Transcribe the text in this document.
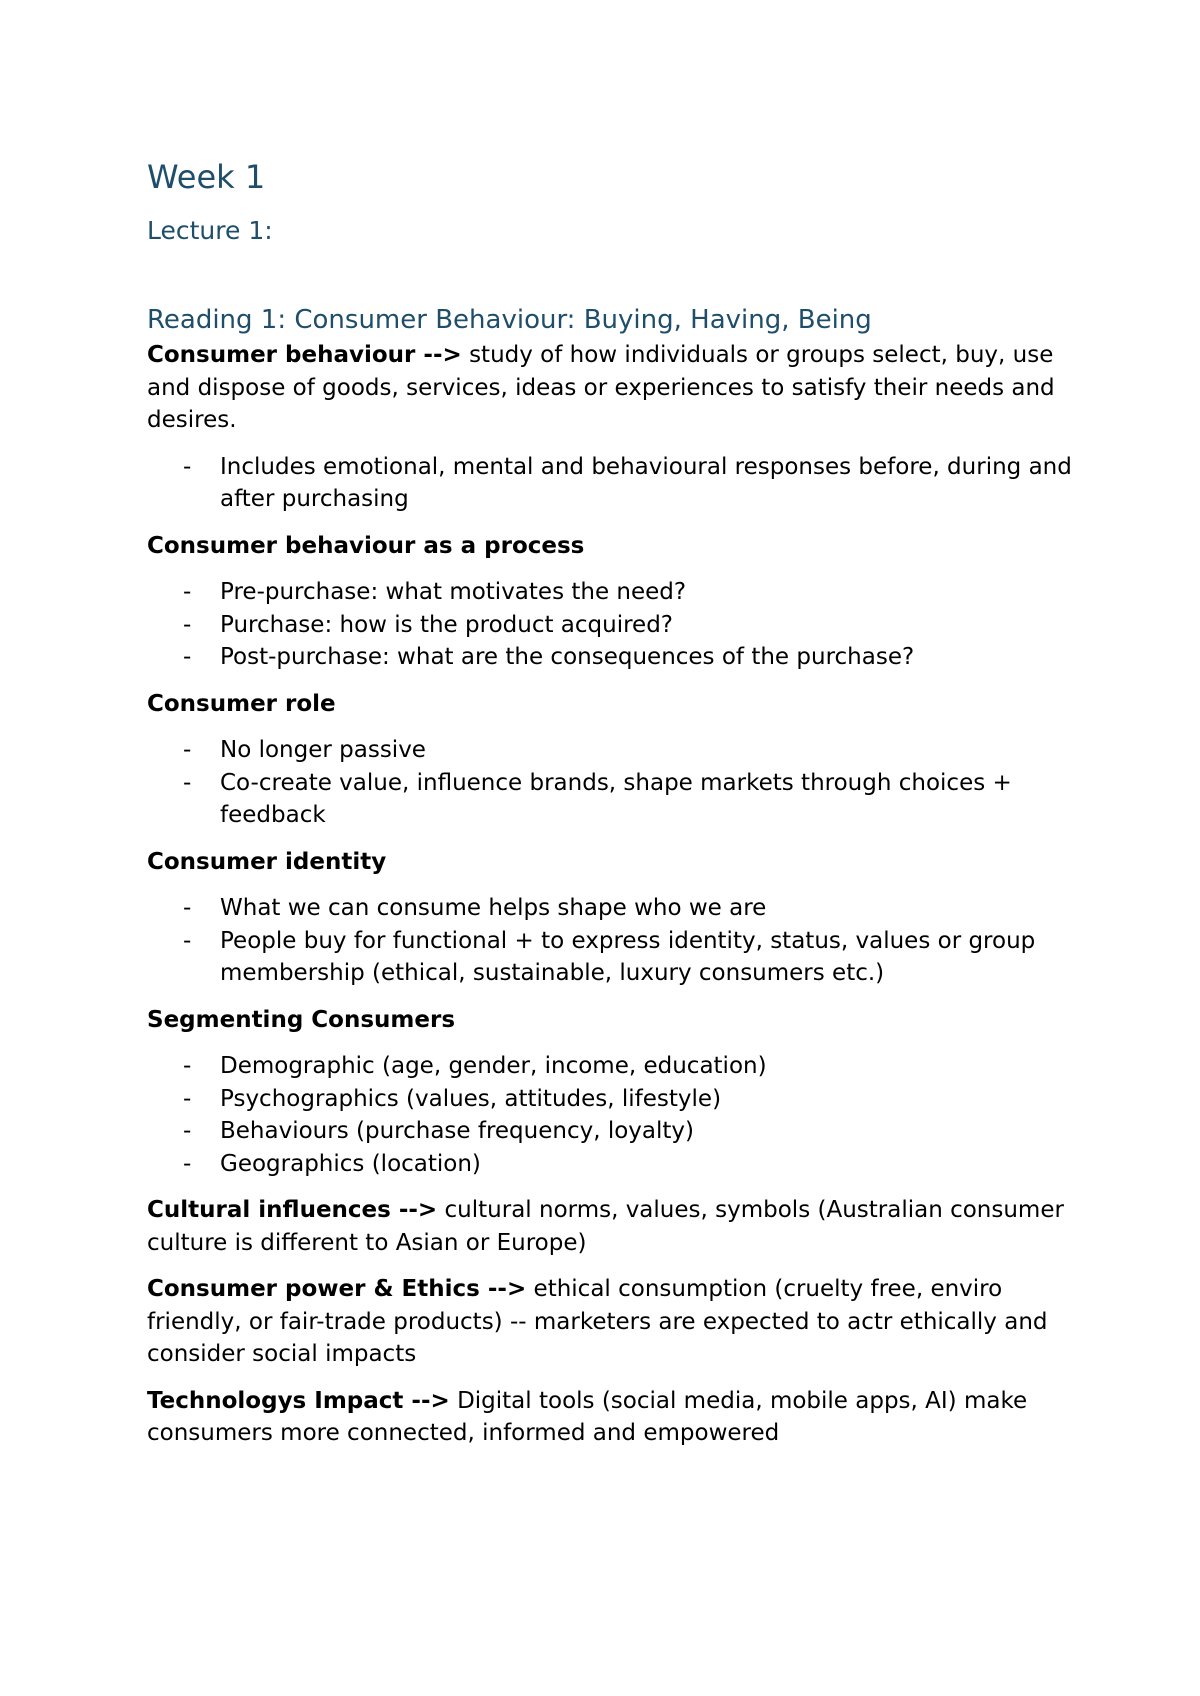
Week 1
Lecture 1:
Reading 1: Consumer Behaviour: Buying, Having, Being

Consumer behaviour --> study of how individuals or groups select, buy, use and dispose of goods, services, ideas or experiences to satisfy their needs and desires.

- Includes emotional, mental and behavioural responses before, during and after purchasing
Consumer behaviour as a process
- Pre-purchase: what motivates the need?
- Purchase: how is the product acquired?
- Post-purchase: what are the consequences of the purchase?
Consumer role
- No longer passive
- Co-create value, influence brands, shape markets through choices + feedback
Consumer identity
- What we can consume helps shape who we are
- People buy for functional + to express identity, status, values or group membership (ethical, sustainable, luxury consumers etc.)
Segmenting Consumers
- Demographic (age, gender, income, education)
- Psychographics (values, attitudes, lifestyle)
- Behaviours (purchase frequency, loyalty)
- Geographics (location)

Cultural influences --> cultural norms, values, symbols (Australian consumer culture is different to Asian or Europe)

Consumer power & Ethics --> ethical consumption (cruelty free, enviro friendly, or fair-trade products) -- marketers are expected to actr ethically and consider social impacts

Technologys Impact --> Digital tools (social media, mobile apps, AI) make consumers more connected, informed and empowered
